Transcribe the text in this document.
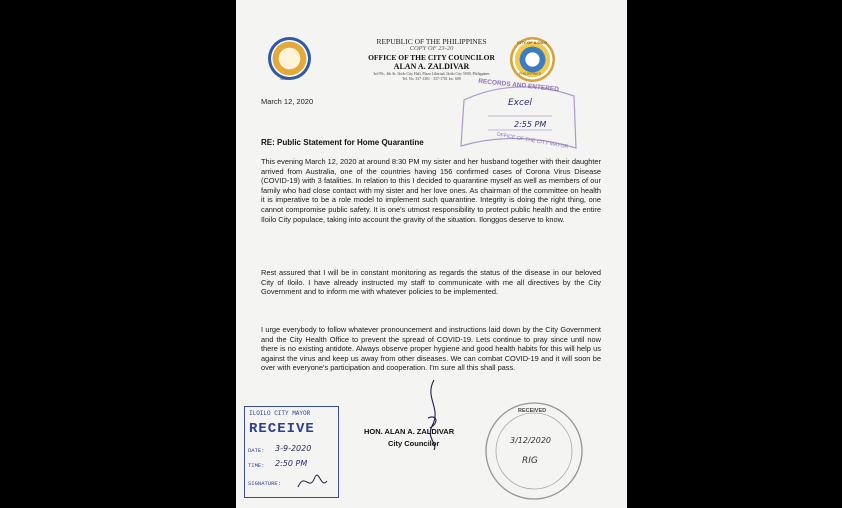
SEAL
CITY OF ILOILO
PHILIPPINES
REPUBLIC OF THE PHILIPPINES
COPY OF 23-20
OFFICE OF THE CITY COUNCILOR
ALAN A. ZALDIVAR
3rd Flr., 4th St. Iloilo City Hall, Plaza Libertad, Iloilo City 5000, Philippines
Tel. No. 337-1301 · 337-1701 loc. 608	RECORDS AND ENTERED
Excel
2:55 PM
OFFICE OF THE CITY MAYOR
March 12, 2020
RE: Public Statement for Home Quarantine

This evening March 12, 2020 at around 8:30 PM my sister and her husband together with their daughter arrived from Australia, one of the countries having 156 confirmed cases of Corona Virus Disease (COVID-19) with 3 fatalities. In relation to this I decided to quarantine myself as well as members of our family who had close contact with my sister and her love ones. As chairman of the committee on health it is imperative to be a role model to implement such quarantine. Integrity is doing the right thing, one cannot compromise public safety. It is one's utmost responsibility to protect public health and the entire Iloilo City populace, taking into account the gravity of the situation. Ilonggos deserve to know.

Rest assured that I will be in constant monitoring as regards the status of the disease in our beloved City of Iloilo. I have already instructed my staff to communicate with me all directives by the City Government and to inform me with whatever policies to be implemented.

I urge everybody to follow whatever pronouncement and instructions laid down by the City Government and the City Health Office to prevent the spread of COVID-19. Lets continue to pray since until now there is no existing antidote. Always observe proper hygiene and good health habits for this will help us against the virus and keep us away from other diseases. We can combat COVID-19 and it will soon be over with everyone's participation and cooperation. I'm sure all this shall pass.

HON. ALAN A. ZALDIVAR
City Councilor
ILOILO CITY MAYOR
RECEIVE
DATE: 3-9-2020
TIME: 2:50 PM
SIGNATURE:
RECEIVED
3/12/2020
RIG
